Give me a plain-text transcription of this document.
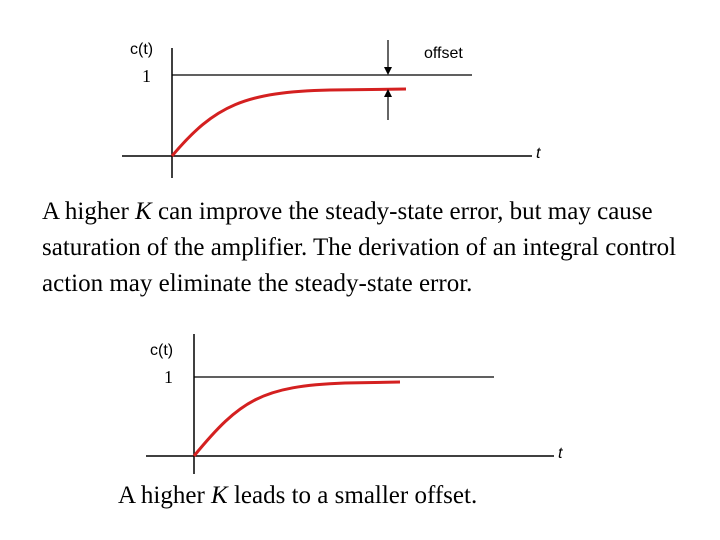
c(t)
1
offset
t
c(t)
1
t

A higher K can improve the steady-state error, but may cause saturation of the amplifier. The derivation of an integral control action may eliminate the steady-state error.

A higher K leads to a smaller offset.
